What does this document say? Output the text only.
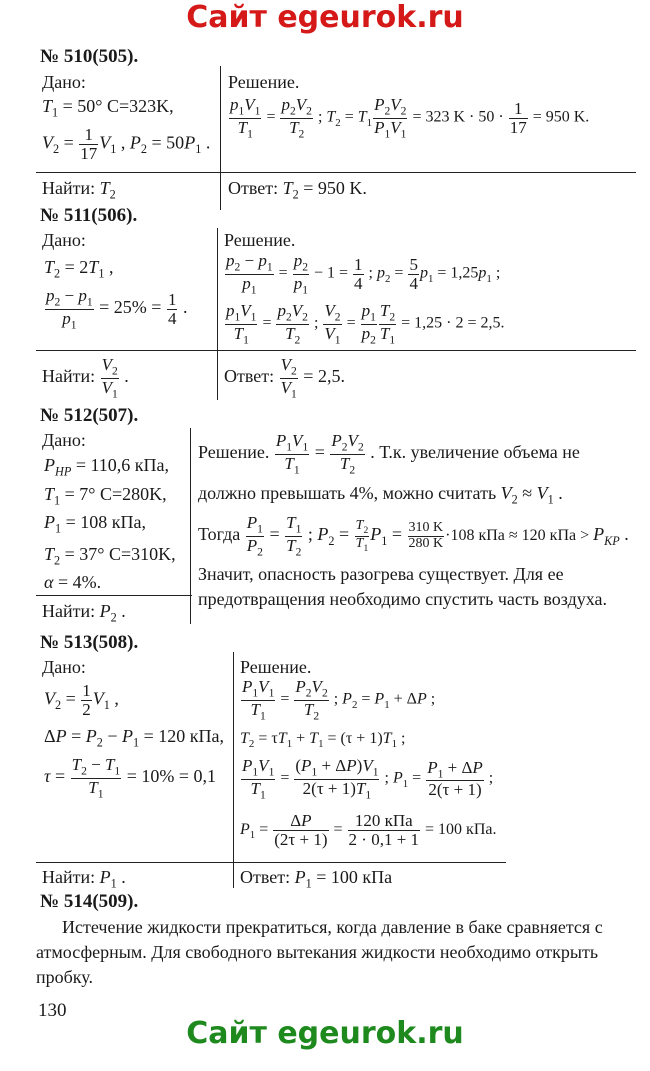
Сайт egeurok.ru
№ 510(505).
Дано:
$T_1 = 50^\circ$ C=323K,
$V_2 = \frac{1}{17} V_1$ , $P_2 = 50P_1$ .
Найти: $T_2$
Решение.
$\frac{p_1V_1}{T_1} = \frac{p_2V_2}{T_2}$ ; $T_2 = T_1 \frac{P_2V_2}{P_1V_1} = 323$ $K \cdot 50 \cdot \frac{1}{17} = 950$ K.
Ответ: $T_2 = 950$ K.
№ 511(506).
Дано:
$T_2 = 2T_1$ ,
$\frac{p_2 - p_1}{p_1} = 25\% = \frac{1}{4}$ .
Найти: $\frac{V_2}{V_1}$ .
Решение.
$\frac{p_2 - p_1}{p_1} = \frac{p_2}{p_1} - 1 = \frac{1}{4}$ ; $p_2 = \frac{5}{4} p_1 = 1,25p_1$ ;
$\frac{p_1V_1}{T_1} = \frac{p_2V_2}{T_2}$ ; $\frac{V_2}{V_1} = \frac{p_1}{p_2} \frac{T_2}{T_1} = 1,25 \cdot 2 = 2,5$.
Ответ: $\frac{V_2}{V_1} = 2,5$.
№ 512(507).
Дано:
$P_{НР} = 110,6$ кПа,
$T_1 = 7^\circ$ C=280K,
$P_1 = 108$ кПа,
$T_2 = 37^\circ$ C=310K,
α = 4%.
Найти: $P_2$ .
Решение. $\frac{P_1V_1}{T_1} = \frac{P_2V_2}{T_2}$ . Т.к. увеличение объема не
должно превышать 4%, можно считать $V_2 \approx V_1$ .
Тогда $\frac{P_1}{P_2} = \frac{T_1}{T_2}$ ; $P_2 = \frac{T_2}{T_1} P_1 = \frac{310 K}{280 K} \cdot 108$ кПа ≈ 120 кПа > $P_{КР}$ .
Значит, опасность разогрева существует. Для ее предотвращения необходимо спустить часть воздуха.
№ 513(508).
Дано:
$V_2 = \frac{1}{2} V_1$ ,
$\Delta P = P_2 - P_1 = 120$ кПа,
$\tau = \frac{T_2 - T_1}{T_1} = 10\% = 0,1$
Найти: $P_1$ .
Решение.
$\frac{P_1V_1}{T_1} = \frac{P_2V_2}{T_2}$ ; $P_2 = P_1 + \Delta P$ ;
$T_2 = \tau T_1 + T_1 = (\tau + 1)T_1$ ;
$\frac{P_1V_1}{T_1} = \frac{(P_1 + \Delta P)V_1}{2(\tau + 1)T_1}$ ; $P_1 = \frac{P_1 + \Delta P}{2(\tau + 1)}$ ;
$P_1 = \frac{\Delta P}{(2\tau + 1)} = \frac{\text{120 кПа}}{2 \cdot 0,1 + 1} = 100$ кПа.
Ответ: $P_1 = 100$ кПа
№ 514(509).
Истечение жидкости прекратиться, когда давление в баке сравняется с атмосферным. Для свободного вытекания жидкости необходимо открыть пробку.
130
Сайт egeurok.ru
